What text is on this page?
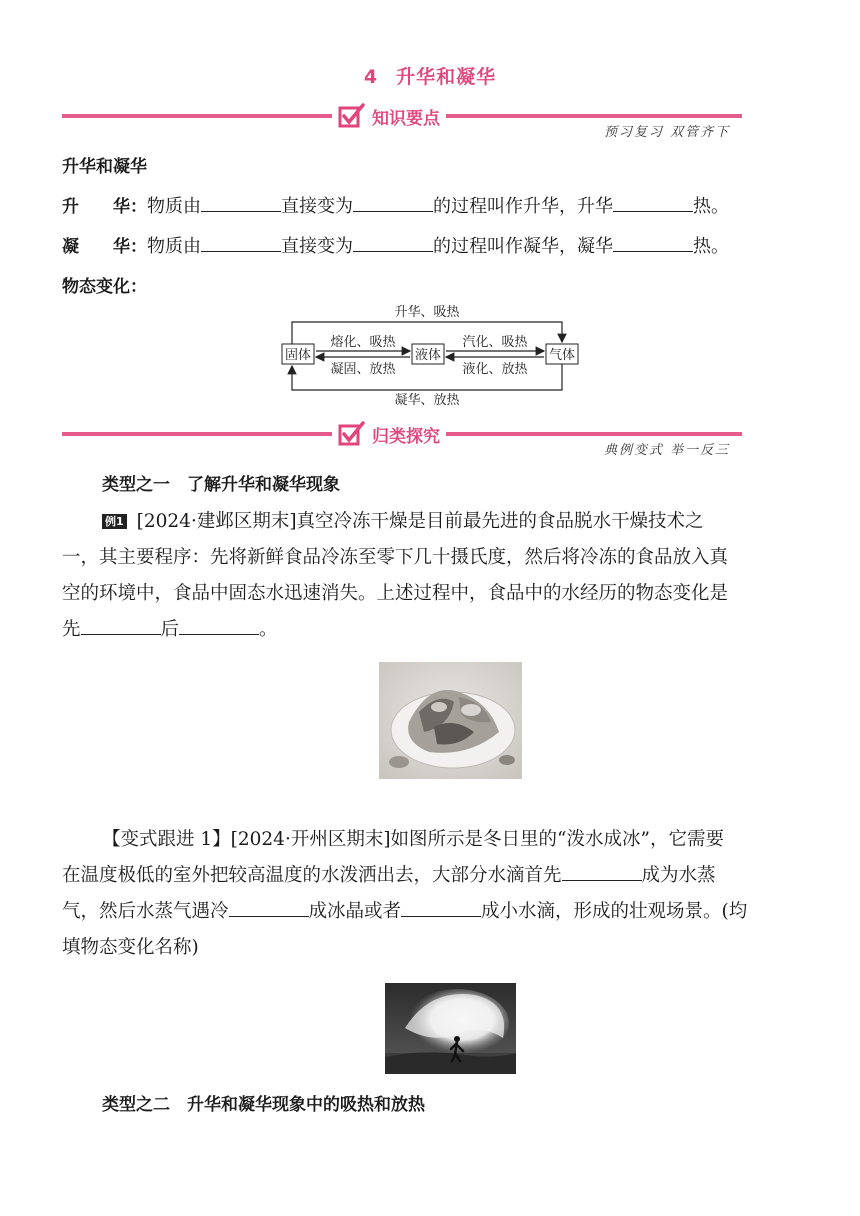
4 升华和凝华
知识要点
预习复习 双管齐下
升华和凝华
升　　华：物质由	直接变为	的过程叫作升华，升华	热。
凝　　华：物质由	直接变为	的过程叫作凝华，凝华	热。
物态变化：
固体	液体	气体
升华、吸热
凝华、放热
熔化、吸热
凝固、放热
汽化、吸热
液化、放热
归类探究
典例变式 举一反三
类型之一　了解升华和凝华现象
例1 [2024·建邺区期末]真空冷冻干燥是目前最先进的食品脱水干燥技术之
一，其主要程序：先将新鲜食品冷冻至零下几十摄氏度，然后将冷冻的食品放入真
空的环境中，食品中固态水迅速消失。上述过程中，食品中的水经历的物态变化是
先	后	。
【变式跟进 1】[2024·开州区期末]如图所示是冬日里的“泼水成冰”，它需要
在温度极低的室外把较高温度的水泼洒出去，大部分水滴首先	成为水蒸
气，然后水蒸气遇冷	成冰晶或者	成小水滴，形成的壮观场景。(均
填物态变化名称)
类型之二　升华和凝华现象中的吸热和放热
